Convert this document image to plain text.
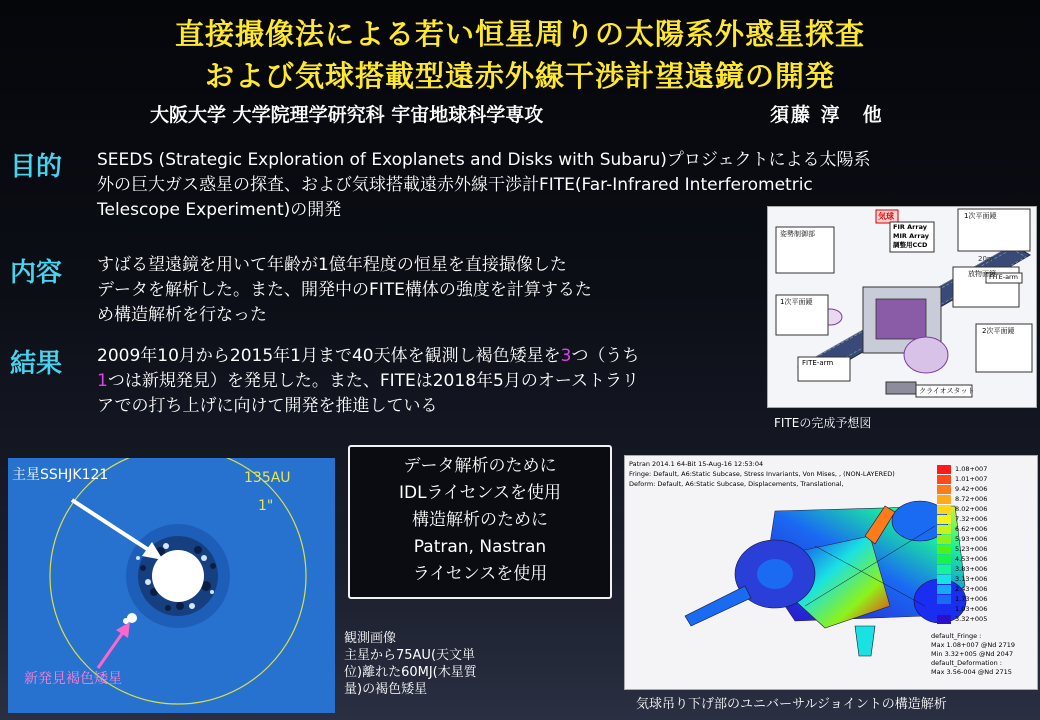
直接撮像法による若い恒星周りの太陽系外惑星探査
および気球搭載型遠赤外線干渉計望遠鏡の開発
大阪大学 大学院理学研究科 宇宙地球科学専攻	須藤 淳　他
目的 SEEDS (Strategic Exploration of Exoplanets and Disks with Subaru)プロジェクトによる太陽系
外の巨大ガス惑星の探査、および気球搭載遠赤外線干渉計FITE(Far-Infrared Interferometric
Telescope Experiment)の開発
内容 すばる望遠鏡を用いて年齢が1億年程度の恒星を直接撮像した
データを解析した。また、開発中のFITE構体の強度を計算するた
め構造解析を行なった
結果 2009年10月から2015年1月まで40天体を観測し褐色矮星を3つ（うち
1つは新規発見）を発見した。また、FITEは2018年5月のオーストラリ
アでの打ち上げに向けて開発を推進している
気球
FIR Array
MIR Array
調整用CCD
1次平面鏡
姿勢制御部
1次平面鏡
放物面鏡
2次平面鏡
FITE-arm
FITE-arm
クライオスタット
20m
FITEの完成予想図
主星SSHJK121	135AU
1"
新発見褐色矮星
観測画像
主星から75AU(天文単
位)離れた60MJ(木星質
量)の褐色矮星
データ解析のために
IDLライセンスを使用
構造解析のために
Patran, Nastran
ライセンスを使用
Patran 2014.1 64-Bit 15-Aug-16 12:53:04
Fringe: Default, A6:Static Subcase, Stress Invariants, Von Mises, , (NON-LAYERED)
Deform: Default, A6:Static Subcase, Displacements, Translational,
1.08+007
1.01+007
9.42+006
8.72+006
8.02+006
7.32+006
6.62+006
5.93+006
5.23+006
4.53+006
3.83+006
3.13+006
2.43+006
1.73+006
1.03+006
3.32+005
default_Fringe :
Max 1.08+007 @Nd 2719
Min 3.32+005 @Nd 2047
default_Deformation :
Max 3.56-004 @Nd 2715
気球吊り下げ部のユニバーサルジョイントの構造解析
